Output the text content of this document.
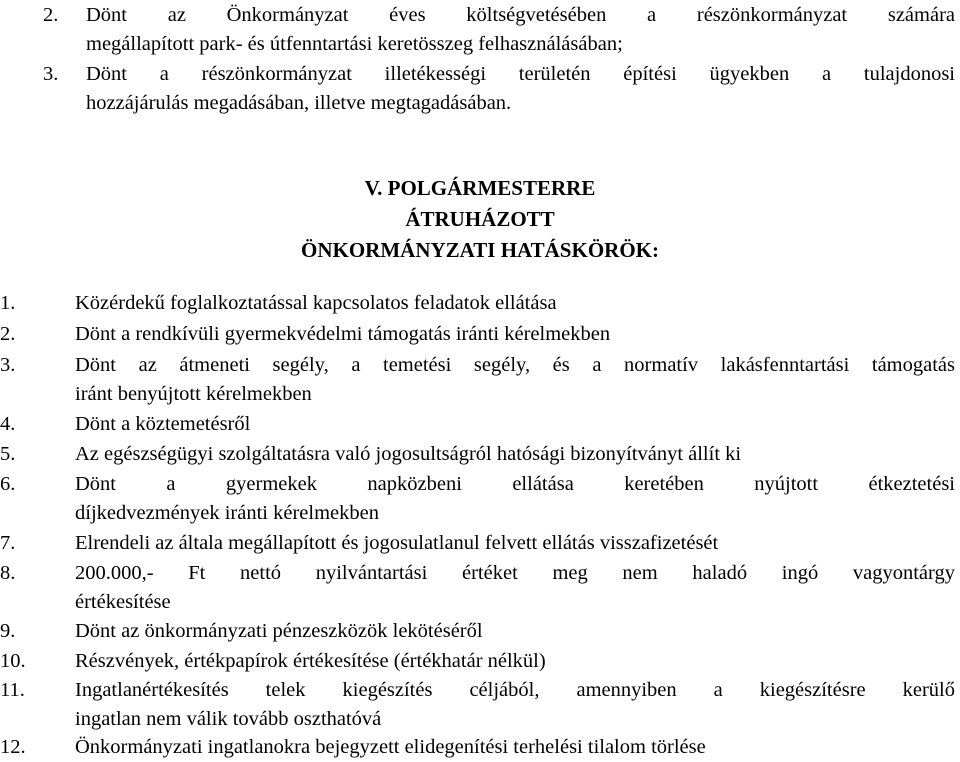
2.	Dönt az Önkormányzat éves költségvetésében a részönkormányzat számára
megállapított park- és útfenntartási keretösszeg felhasználásában;
3.	Dönt a részönkormányzat illetékességi területén építési ügyekben a tulajdonosi
hozzájárulás megadásában, illetve megtagadásában.
V. POLGÁRMESTERRE
ÁTRUHÁZOTT
ÖNKORMÁNYZATI HATÁSKÖRÖK:
1.	Közérdekű foglalkoztatással kapcsolatos feladatok ellátása
2.	Dönt a rendkívüli gyermekvédelmi támogatás iránti kérelmekben
3.	Dönt az átmeneti segély, a temetési segély, és a normatív lakásfenntartási támogatás
iránt benyújtott kérelmekben
4.	Dönt a köztemetésről
5.	Az egészségügyi szolgáltatásra való jogosultságról hatósági bizonyítványt állít ki
6.	Dönt a gyermekek napközbeni ellátása keretében nyújtott étkeztetési
díjkedvezmények iránti kérelmekben
7.	Elrendeli az általa megállapított és jogosulatlanul felvett ellátás visszafizetését
8.	200.000,- Ft nettó nyilvántartási értéket meg nem haladó ingó vagyontárgy
értékesítése
9.	Dönt az önkormányzati pénzeszközök lekötéséről
10.	Részvények, értékpapírok értékesítése (értékhatár nélkül)
11.	Ingatlanértékesítés telek kiegészítés céljából, amennyiben a kiegészítésre kerülő
ingatlan nem válik tovább oszthatóvá
12.	Önkormányzati ingatlanokra bejegyzett elidegenítési terhelési tilalom törlése
